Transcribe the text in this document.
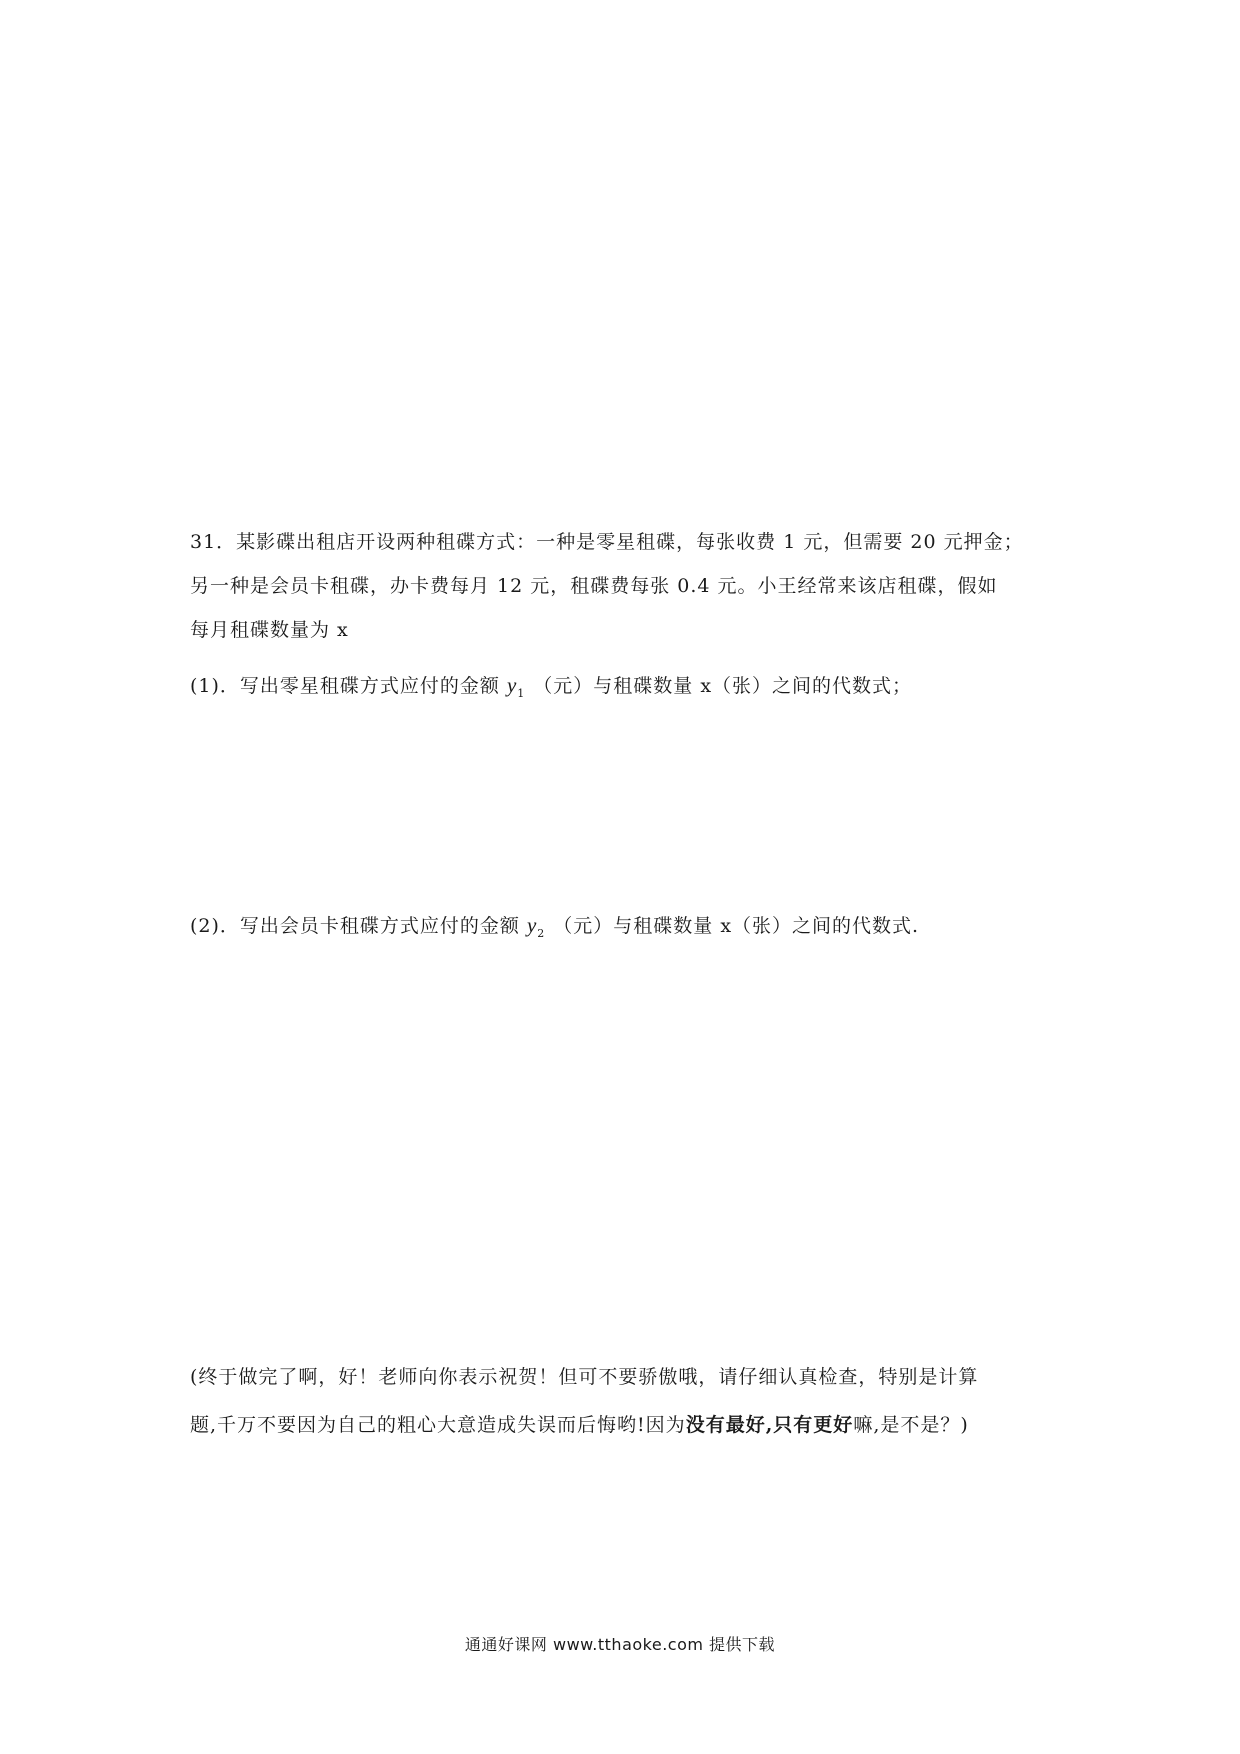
31．某影碟出租店开设两种租碟方式：一种是零星租碟，每张收费 1 元，但需要 20 元押金；
另一种是会员卡租碟，办卡费每月 12 元，租碟费每张 0.4 元。小王经常来该店租碟，假如
每月租碟数量为 x
(1)．写出零星租碟方式应付的金额 $y_1$ （元）与租碟数量 x（张）之间的代数式；
(2)．写出会员卡租碟方式应付的金额 $y_2$ （元）与租碟数量 x（张）之间的代数式.
(终于做完了啊，好！老师向你表示祝贺！但可不要骄傲哦，请仔细认真检查，特别是计算
题,千万不要因为自己的粗心大意造成失误而后悔哟!因为没有最好,只有更好嘛,是不是？)
通通好课网 www.tthaoke.com 提供下载
